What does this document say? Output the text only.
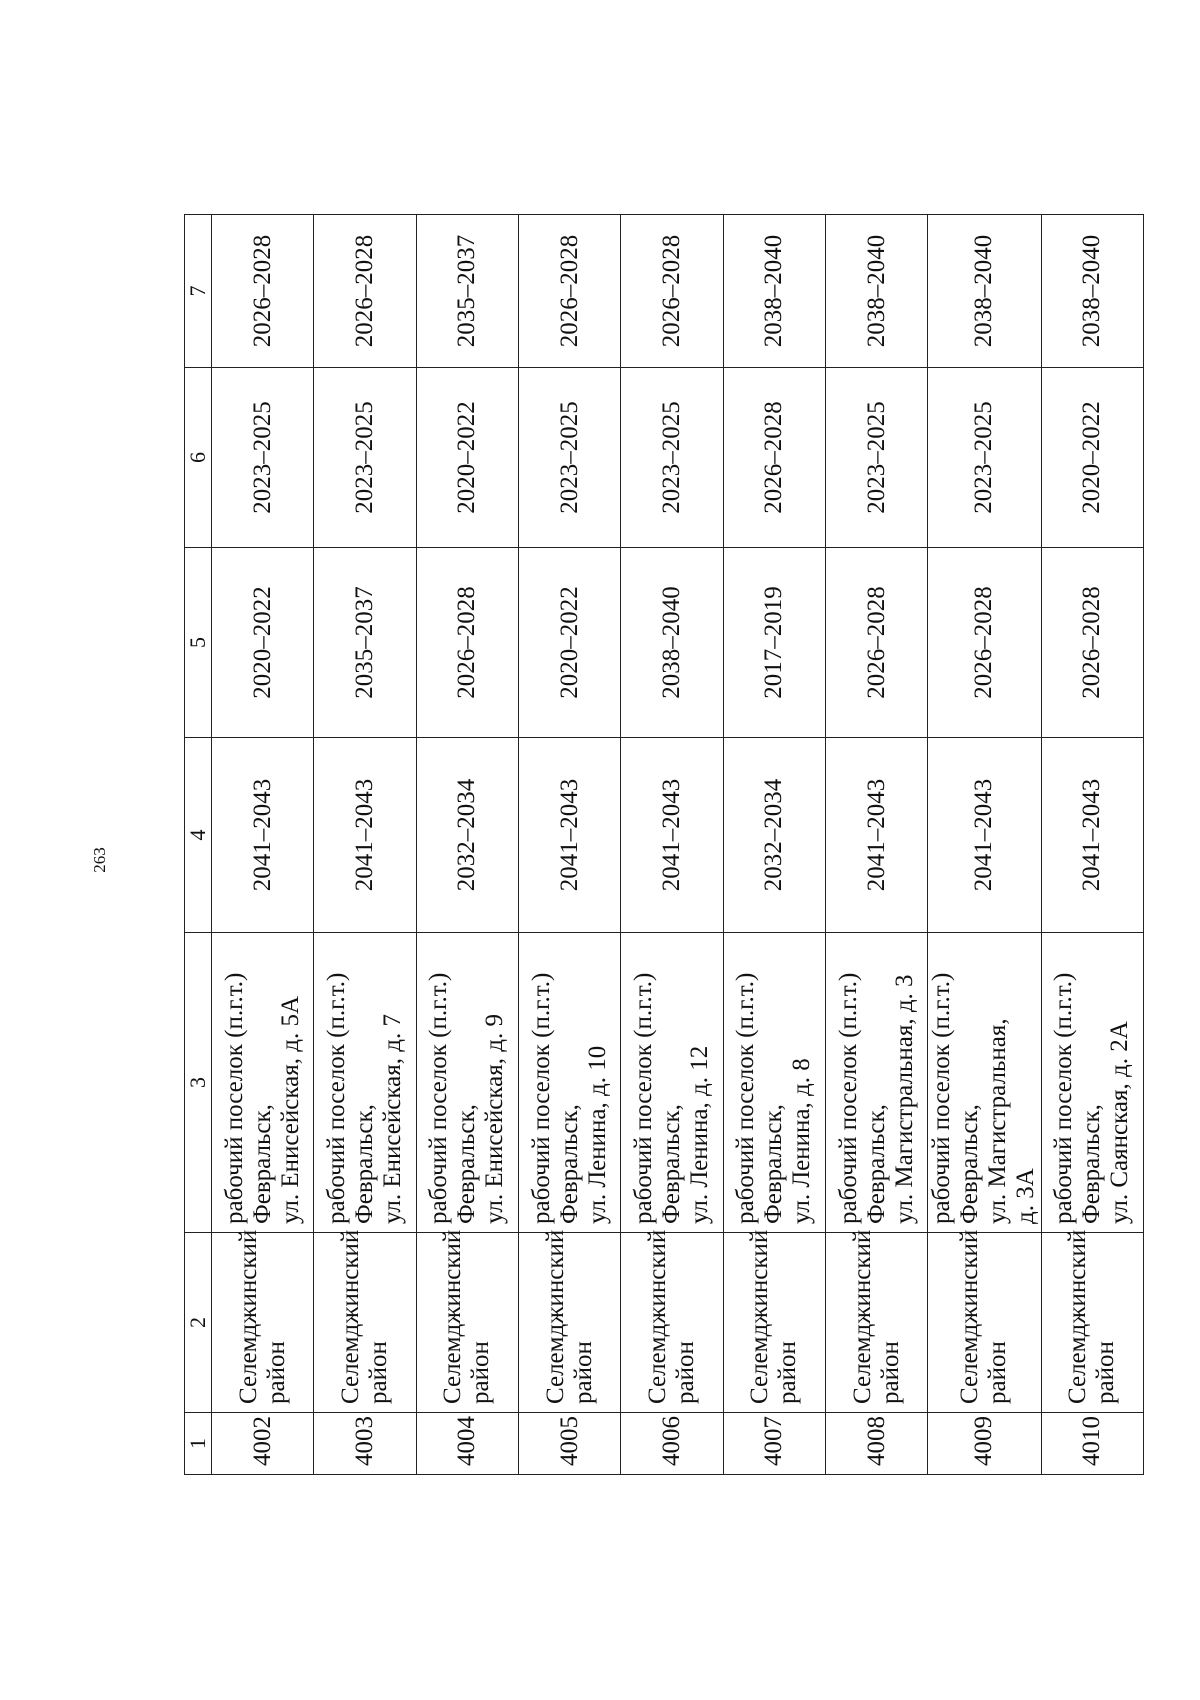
263
1	2	3	4	5	6	7
4002	Селемджинский район	рабочий поселок (п.г.т.) Февральск, ул. Енисейская, д. 5А	2041–2043	2020–2022	2023–2025	2026–2028
4003	Селемджинский район	рабочий поселок (п.г.т.) Февральск, ул. Енисейская, д. 7	2041–2043	2035–2037	2023–2025	2026–2028
4004	Селемджинский район	рабочий поселок (п.г.т.) Февральск, ул. Енисейская, д. 9	2032–2034	2026–2028	2020–2022	2035–2037
4005	Селемджинский район	рабочий поселок (п.г.т.) Февральск, ул. Ленина, д. 10	2041–2043	2020–2022	2023–2025	2026–2028
4006	Селемджинский район	рабочий поселок (п.г.т.) Февральск, ул. Ленина, д. 12	2041–2043	2038–2040	2023–2025	2026–2028
4007	Селемджинский район	рабочий поселок (п.г.т.) Февральск, ул. Ленина, д. 8	2032–2034	2017–2019	2026–2028	2038–2040
4008	Селемджинский район	рабочий поселок (п.г.т.) Февральск, ул. Магистральная, д. 3	2041–2043	2026–2028	2023–2025	2038–2040
4009	Селемджинский район	рабочий поселок (п.г.т.) Февральск, ул. Магистральная, д. 3А	2041–2043	2026–2028	2023–2025	2038–2040
4010	Селемджинский район	рабочий поселок (п.г.т.) Февральск, ул. Саянская, д. 2А	2041–2043	2026–2028	2020–2022	2038–2040
